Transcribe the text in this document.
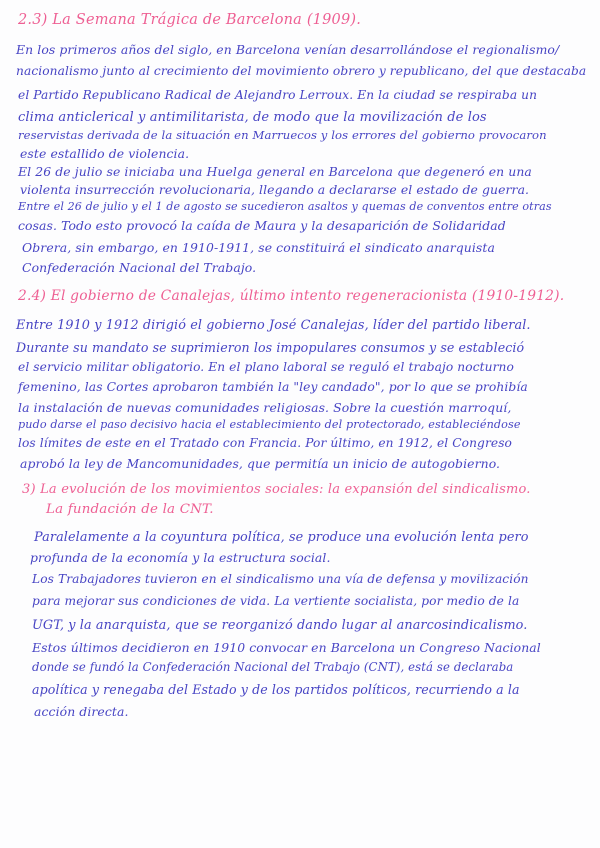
2.3) La Semana Trágica de Barcelona (1909).
En los primeros años del siglo, en Barcelona venían desarrollándose el regionalismo/
nacionalismo junto al crecimiento del movimiento obrero y republicano, del que destacaba
el Partido Republicano Radical de Alejandro Lerroux. En la ciudad se respiraba un
clima anticlerical y antimilitarista, de modo que la movilización de los
reservistas derivada de la situación en Marruecos y los errores del gobierno provocaron
este estallido de violencia.
El 26 de julio se iniciaba una Huelga general en Barcelona que degeneró en una
violenta insurrección revolucionaria, llegando a declararse el estado de guerra.
Entre el 26 de julio y el 1 de agosto se sucedieron asaltos y quemas de conventos entre otras
cosas. Todo esto provocó la caída de Maura y la desaparición de Solidaridad
Obrera, sin embargo, en 1910-1911, se constituirá el sindicato anarquista
Confederación Nacional del Trabajo.
2.4) El gobierno de Canalejas, último intento regeneracionista (1910-1912).
Entre 1910 y 1912 dirigió el gobierno José Canalejas, líder del partido liberal.
Durante su mandato se suprimieron los impopulares consumos y se estableció
el servicio militar obligatorio. En el plano laboral se reguló el trabajo nocturno
femenino, las Cortes aprobaron también la "ley candado", por lo que se prohibía
la instalación de nuevas comunidades religiosas. Sobre la cuestión marroquí,
pudo darse el paso decisivo hacia el establecimiento del protectorado, estableciéndose
los límites de este en el Tratado con Francia. Por último, en 1912, el Congreso
aprobó la ley de Mancomunidades, que permitía un inicio de autogobierno.
3) La evolución de los movimientos sociales: la expansión del sindicalismo.
La fundación de la CNT.
Paralelamente a la coyuntura política, se produce una evolución lenta pero
profunda de la economía y la estructura social.
Los Trabajadores tuvieron en el sindicalismo una vía de defensa y movilización
para mejorar sus condiciones de vida. La vertiente socialista, por medio de la
UGT, y la anarquista, que se reorganizó dando lugar al anarcosindicalismo.
Estos últimos decidieron en 1910 convocar en Barcelona un Congreso Nacional
donde se fundó la Confederación Nacional del Trabajo (CNT), está se declaraba
apolítica y renegaba del Estado y de los partidos políticos, recurriendo a la
acción directa.
